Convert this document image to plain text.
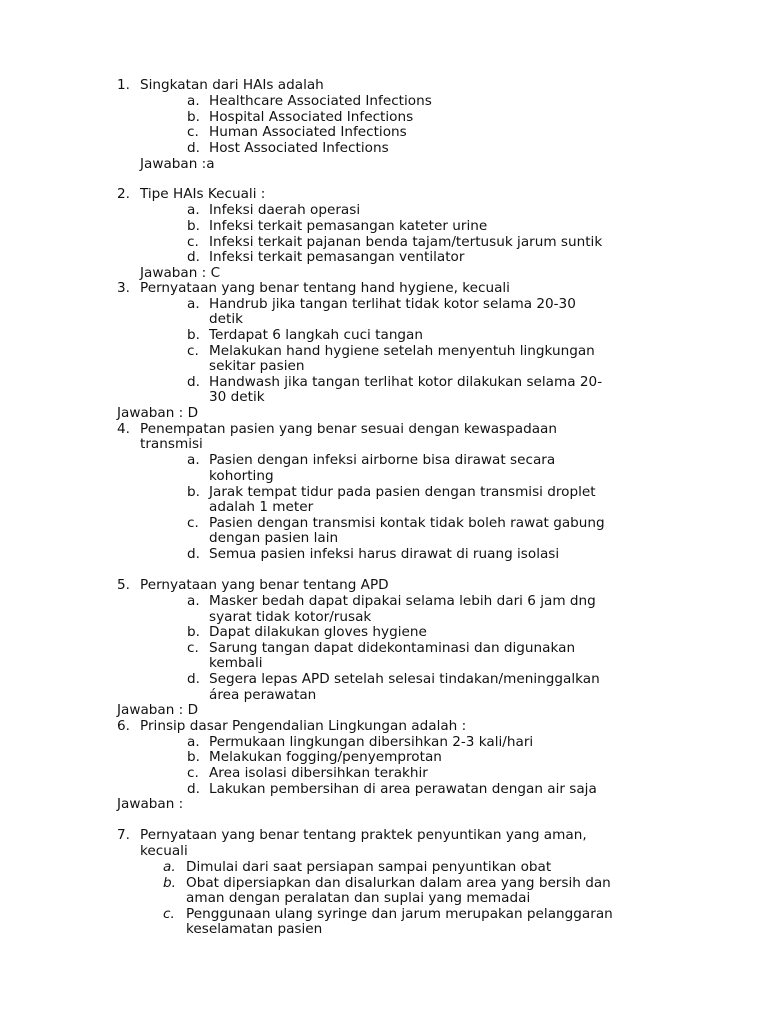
1. Singkatan dari HAIs adalah
a. Healthcare Associated Infections
b. Hospital Associated Infections
c. Human Associated Infections
d. Host Associated Infections
Jawaban :a
2. Tipe HAIs Kecuali :
a. Infeksi daerah operasi
b. Infeksi terkait pemasangan kateter urine
c. Infeksi terkait pajanan benda tajam/tertusuk jarum suntik
d. Infeksi terkait pemasangan ventilator
Jawaban : C
3. Pernyataan yang benar tentang hand hygiene, kecuali
a. Handrub jika tangan terlihat tidak kotor selama 20-30
detik
b. Terdapat 6 langkah cuci tangan
c. Melakukan hand hygiene setelah menyentuh lingkungan
sekitar pasien
d. Handwash jika tangan terlihat kotor dilakukan selama 20-
30 detik
Jawaban : D
4. Penempatan pasien yang benar sesuai dengan kewaspadaan
transmisi
a. Pasien dengan infeksi airborne bisa dirawat secara
kohorting
b. Jarak tempat tidur pada pasien dengan transmisi droplet
adalah 1 meter
c. Pasien dengan transmisi kontak tidak boleh rawat gabung
dengan pasien lain
d. Semua pasien infeksi harus dirawat di ruang isolasi
5. Pernyataan yang benar tentang APD
a. Masker bedah dapat dipakai selama lebih dari 6 jam dng
syarat tidak kotor/rusak
b. Dapat dilakukan gloves hygiene
c. Sarung tangan dapat didekontaminasi dan digunakan
kembali
d. Segera lepas APD setelah selesai tindakan/meninggalkan
área perawatan
Jawaban : D
6. Prinsip dasar Pengendalian Lingkungan adalah :
a. Permukaan lingkungan dibersihkan 2-3 kali/hari
b. Melakukan fogging/penyemprotan
c. Area isolasi dibersihkan terakhir
d. Lakukan pembersihan di area perawatan dengan air saja
Jawaban :
7. Pernyataan yang benar tentang praktek penyuntikan yang aman,
kecuali
a. Dimulai dari saat persiapan sampai penyuntikan obat
b. Obat dipersiapkan dan disalurkan dalam area yang bersih dan
aman dengan peralatan dan suplai yang memadai
c. Penggunaan ulang syringe dan jarum merupakan pelanggaran
keselamatan pasien
